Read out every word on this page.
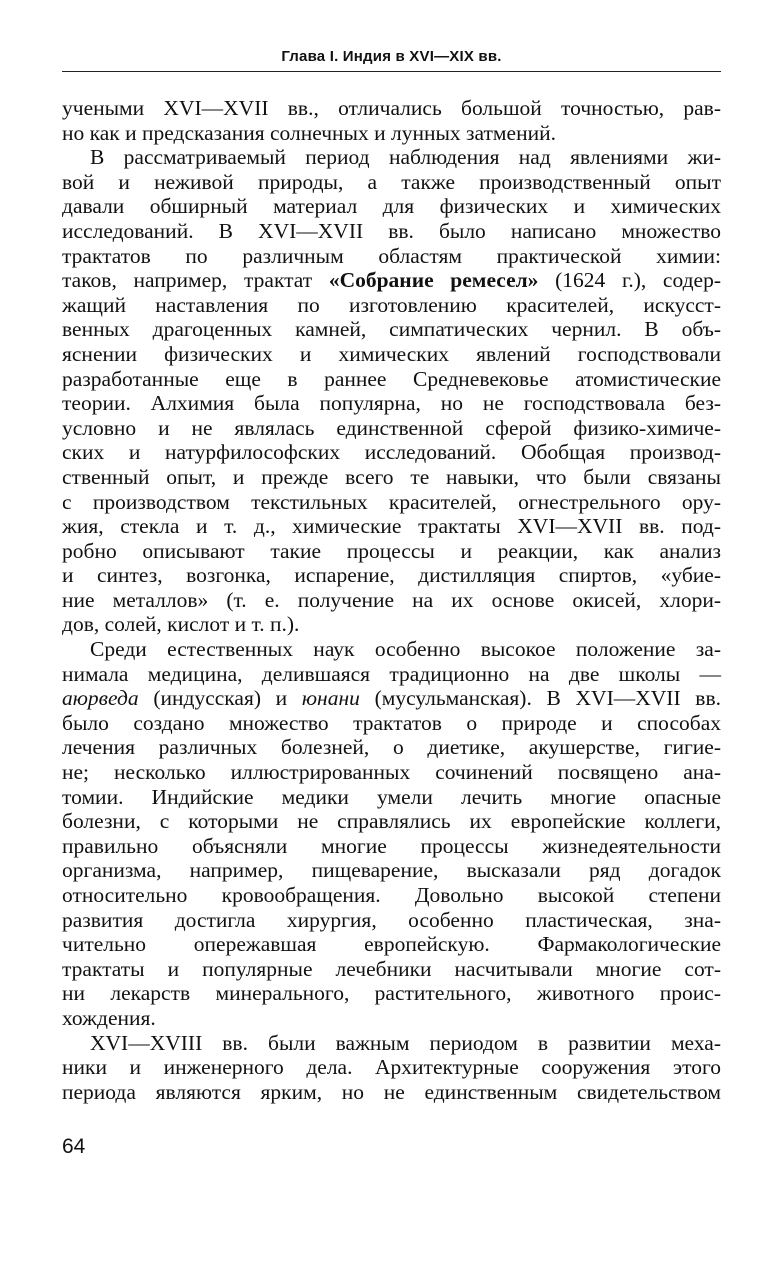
Глава I. Индия в XVI—XIX вв.

учеными XVI—XVII вв., отличались большой точностью, рав-
но как и предсказания солнечных и лунных затмений.

В рассматриваемый период наблюдения над явлениями жи-
вой и неживой природы, а также производственный опыт
давали обширный материал для физических и химических
исследований. В XVI—XVII вв. было написано множество
трактатов по различным областям практической химии:
таков, например, трактат «Собрание ремесел» (1624 г.), содер-
жащий наставления по изготовлению красителей, искусст-
венных драгоценных камней, симпатических чернил. В объ-
яснении физических и химических явлений господствовали
разработанные еще в раннее Средневековье атомистические
теории. Алхимия была популярна, но не господствовала без-
условно и не являлась единственной сферой физико-химиче-
ских и натурфилософских исследований. Обобщая производ-
ственный опыт, и прежде всего те навыки, что были связаны
с производством текстильных красителей, огнестрельного ору-
жия, стекла и т. д., химические трактаты XVI—XVII вв. под-
робно описывают такие процессы и реакции, как анализ
и синтез, возгонка, испарение, дистилляция спиртов, «убие-
ние металлов» (т. е. получение на их основе окисей, хлори-
дов, солей, кислот и т. п.).

Среди естественных наук особенно высокое положение за-
нимала медицина, делившаяся традиционно на две школы —
аюрведа (индусская) и юнани (мусульманская). В XVI—XVII вв.
было создано множество трактатов о природе и способах
лечения различных болезней, о диетике, акушерстве, гигие-
не; несколько иллюстрированных сочинений посвящено ана-
томии. Индийские медики умели лечить многие опасные
болезни, с которыми не справлялись их европейские коллеги,
правильно объясняли многие процессы жизнедеятельности
организма, например, пищеварение, высказали ряд догадок
относительно кровообращения. Довольно высокой степени
развития достигла хирургия, особенно пластическая, зна-
чительно опережавшая европейскую. Фармакологические
трактаты и популярные лечебники насчитывали многие сот-
ни лекарств минерального, растительного, животного проис-
хождения.

XVI—XVIII вв. были важным периодом в развитии меха-
ники и инженерного дела. Архитектурные сооружения этого
периода являются ярким, но не единственным свидетельством

64
